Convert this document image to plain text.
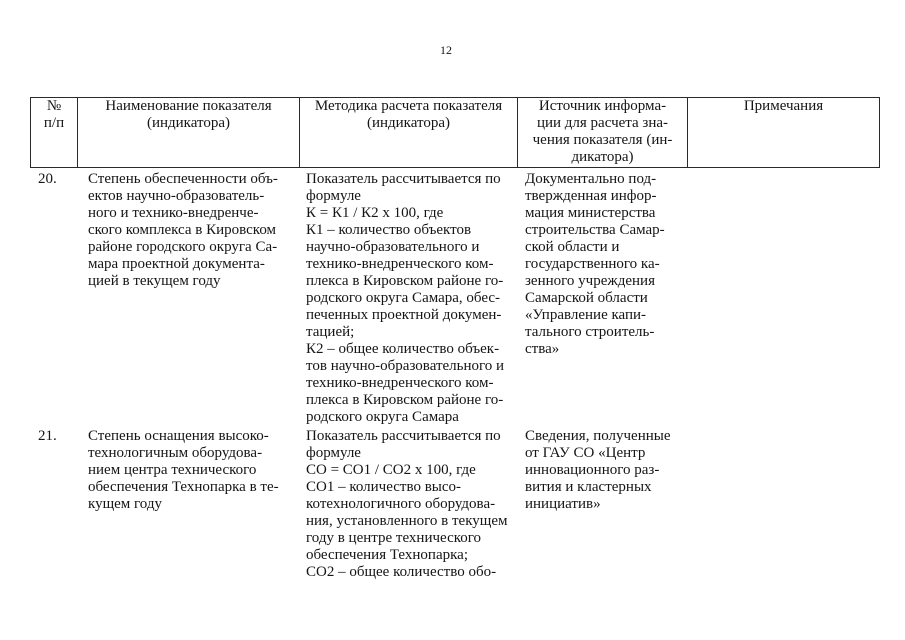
12
№
п/п
Наименование показателя
(индикатора)
Методика расчета показателя
(индикатора)
Источник информа-
ции для расчета зна-
чения показателя (ин-
дикатора)
Примечания
20. Степень обеспеченности объ-
ектов научно-образователь-
ного и технико-внедренче-
ского комплекса в Кировском
районе городского округа Са-
мара проектной документа-
цией в текущем году
Показатель рассчитывается по
формуле
К = К1 / К2 х 100, где
К1 – количество объектов
научно-образовательного и
технико-внедренческого ком-
плекса в Кировском районе го-
родского округа Самара, обес-
печенных проектной докумен-
тацией;
К2 – общее количество объек-
тов научно-образовательного и
технико-внедренческого ком-
плекса в Кировском районе го-
родского округа Самара
Документально под-
твержденная инфор-
мация министерства
строительства Самар-
ской области и
государственного ка-
зенного учреждения
Самарской области
«Управление капи-
тального строитель-
ства»
21. Степень оснащения высоко-
технологичным оборудова-
нием центра технического
обеспечения Технопарка в те-
кущем году
Показатель рассчитывается по
формуле
СО = СО1 / СО2 х 100, где
СО1 – количество высо-
котехнологичного оборудова-
ния, установленного в текущем
году в центре технического
обеспечения Технопарка;
СО2 – общее количество обо-
Сведения, полученные
от ГАУ СО «Центр
инновационного раз-
вития и кластерных
инициатив»
